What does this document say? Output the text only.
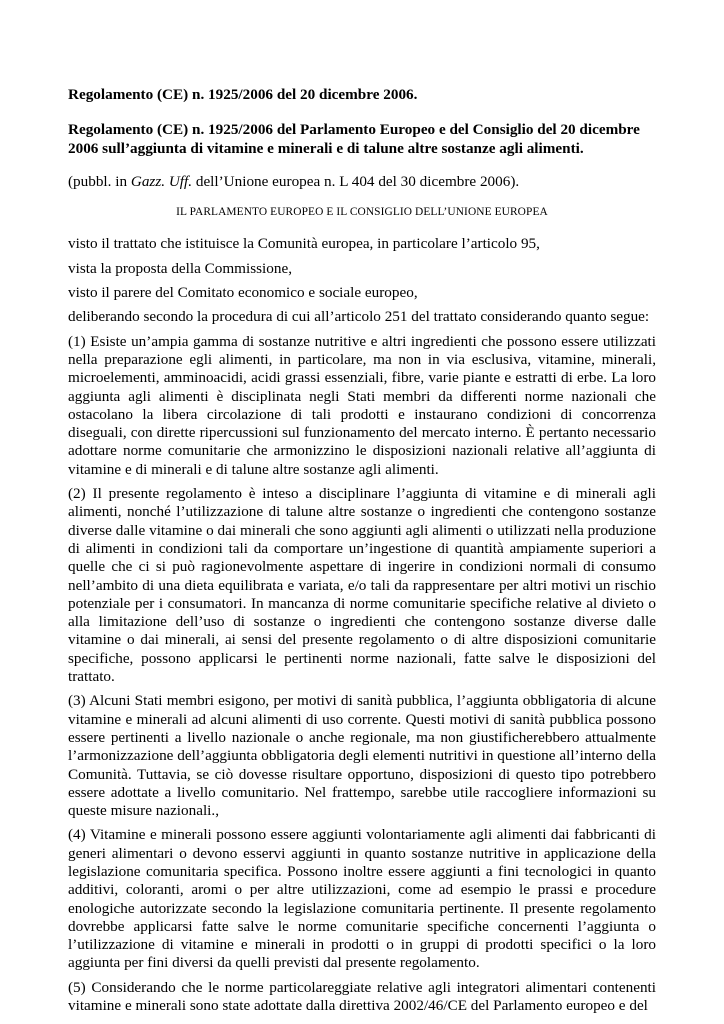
Regolamento (CE) n. 1925/2006 del 20 dicembre 2006.

Regolamento (CE) n. 1925/2006 del Parlamento Europeo e del Consiglio del 20 dicembre 2006 sull’aggiunta di vitamine e minerali e di talune altre sostanze agli alimenti.

(pubbl. in Gazz. Uff. dell’Unione europea n. L 404 del 30 dicembre 2006).

IL PARLAMENTO EUROPEO E IL CONSIGLIO DELL’UNIONE EUROPEA

visto il trattato che istituisce la Comunità europea, in particolare l’articolo 95,

vista la proposta della Commissione,

visto il parere del Comitato economico e sociale europeo,

deliberando secondo la procedura di cui all’articolo 251 del trattato considerando quanto segue:

(1) Esiste un’ampia gamma di sostanze nutritive e altri ingredienti che possono essere utilizzati nella preparazione egli alimenti, in particolare, ma non in via esclusiva, vitamine, minerali, microelementi, amminoacidi, acidi grassi essenziali, fibre, varie piante e estratti di erbe. La loro aggiunta agli alimenti è disciplinata negli Stati membri da differenti norme nazionali che ostacolano la libera circolazione di tali prodotti e instaurano condizioni di concorrenza diseguali, con dirette ripercussioni sul funzionamento del mercato interno. È pertanto necessario adottare norme comunitarie che armonizzino le disposizioni nazionali relative all’aggiunta di vitamine e di minerali e di talune altre sostanze agli alimenti.

(2) Il presente regolamento è inteso a disciplinare l’aggiunta di vitamine e di minerali agli alimenti, nonché l’utilizzazione di talune altre sostanze o ingredienti che contengono sostanze diverse dalle vitamine o dai minerali che sono aggiunti agli alimenti o utilizzati nella produzione di alimenti in condizioni tali da comportare un’ingestione di quantità ampiamente superiori a quelle che ci si può ragionevolmente aspettare di ingerire in condizioni normali di consumo nell’ambito di una dieta equilibrata e variata, e/o tali da rappresentare per altri motivi un rischio potenziale per i consumatori. In mancanza di norme comunitarie specifiche relative al divieto o alla limitazione dell’uso di sostanze o ingredienti che contengono sostanze diverse dalle vitamine o dai minerali, ai sensi del presente regolamento o di altre disposizioni comunitarie specifiche, possono applicarsi le pertinenti norme nazionali, fatte salve le disposizioni del trattato.

(3) Alcuni Stati membri esigono, per motivi di sanità pubblica, l’aggiunta obbligatoria di alcune vitamine e minerali ad alcuni alimenti di uso corrente. Questi motivi di sanità pubblica possono essere pertinenti a livello nazionale o anche regionale, ma non giustificherebbero attualmente l’armonizzazione dell’aggiunta obbligatoria degli elementi nutritivi in questione all’interno della Comunità. Tuttavia, se ciò dovesse risultare opportuno, disposizioni di questo tipo potrebbero essere adottate a livello comunitario. Nel frattempo, sarebbe utile raccogliere informazioni su queste misure nazionali.,

(4) Vitamine e minerali possono essere aggiunti volontariamente agli alimenti dai fabbricanti di generi alimentari o devono esservi aggiunti in quanto sostanze nutritive in applicazione della legislazione comunitaria specifica. Possono inoltre essere aggiunti a fini tecnologici in quanto additivi, coloranti, aromi o per altre utilizzazioni, come ad esempio le prassi e procedure enologiche autorizzate secondo la legislazione comunitaria pertinente. Il presente regolamento dovrebbe applicarsi fatte salve le norme comunitarie specifiche concernenti l’aggiunta o l’utilizzazione di vitamine e minerali in prodotti o in gruppi di prodotti specifici o la loro aggiunta per fini diversi da quelli previsti dal presente regolamento.

(5) Considerando che le norme particolareggiate relative agli integratori alimentari contenenti vitamine e minerali sono state adottate dalla direttiva 2002/46/CE del Parlamento europeo e del
